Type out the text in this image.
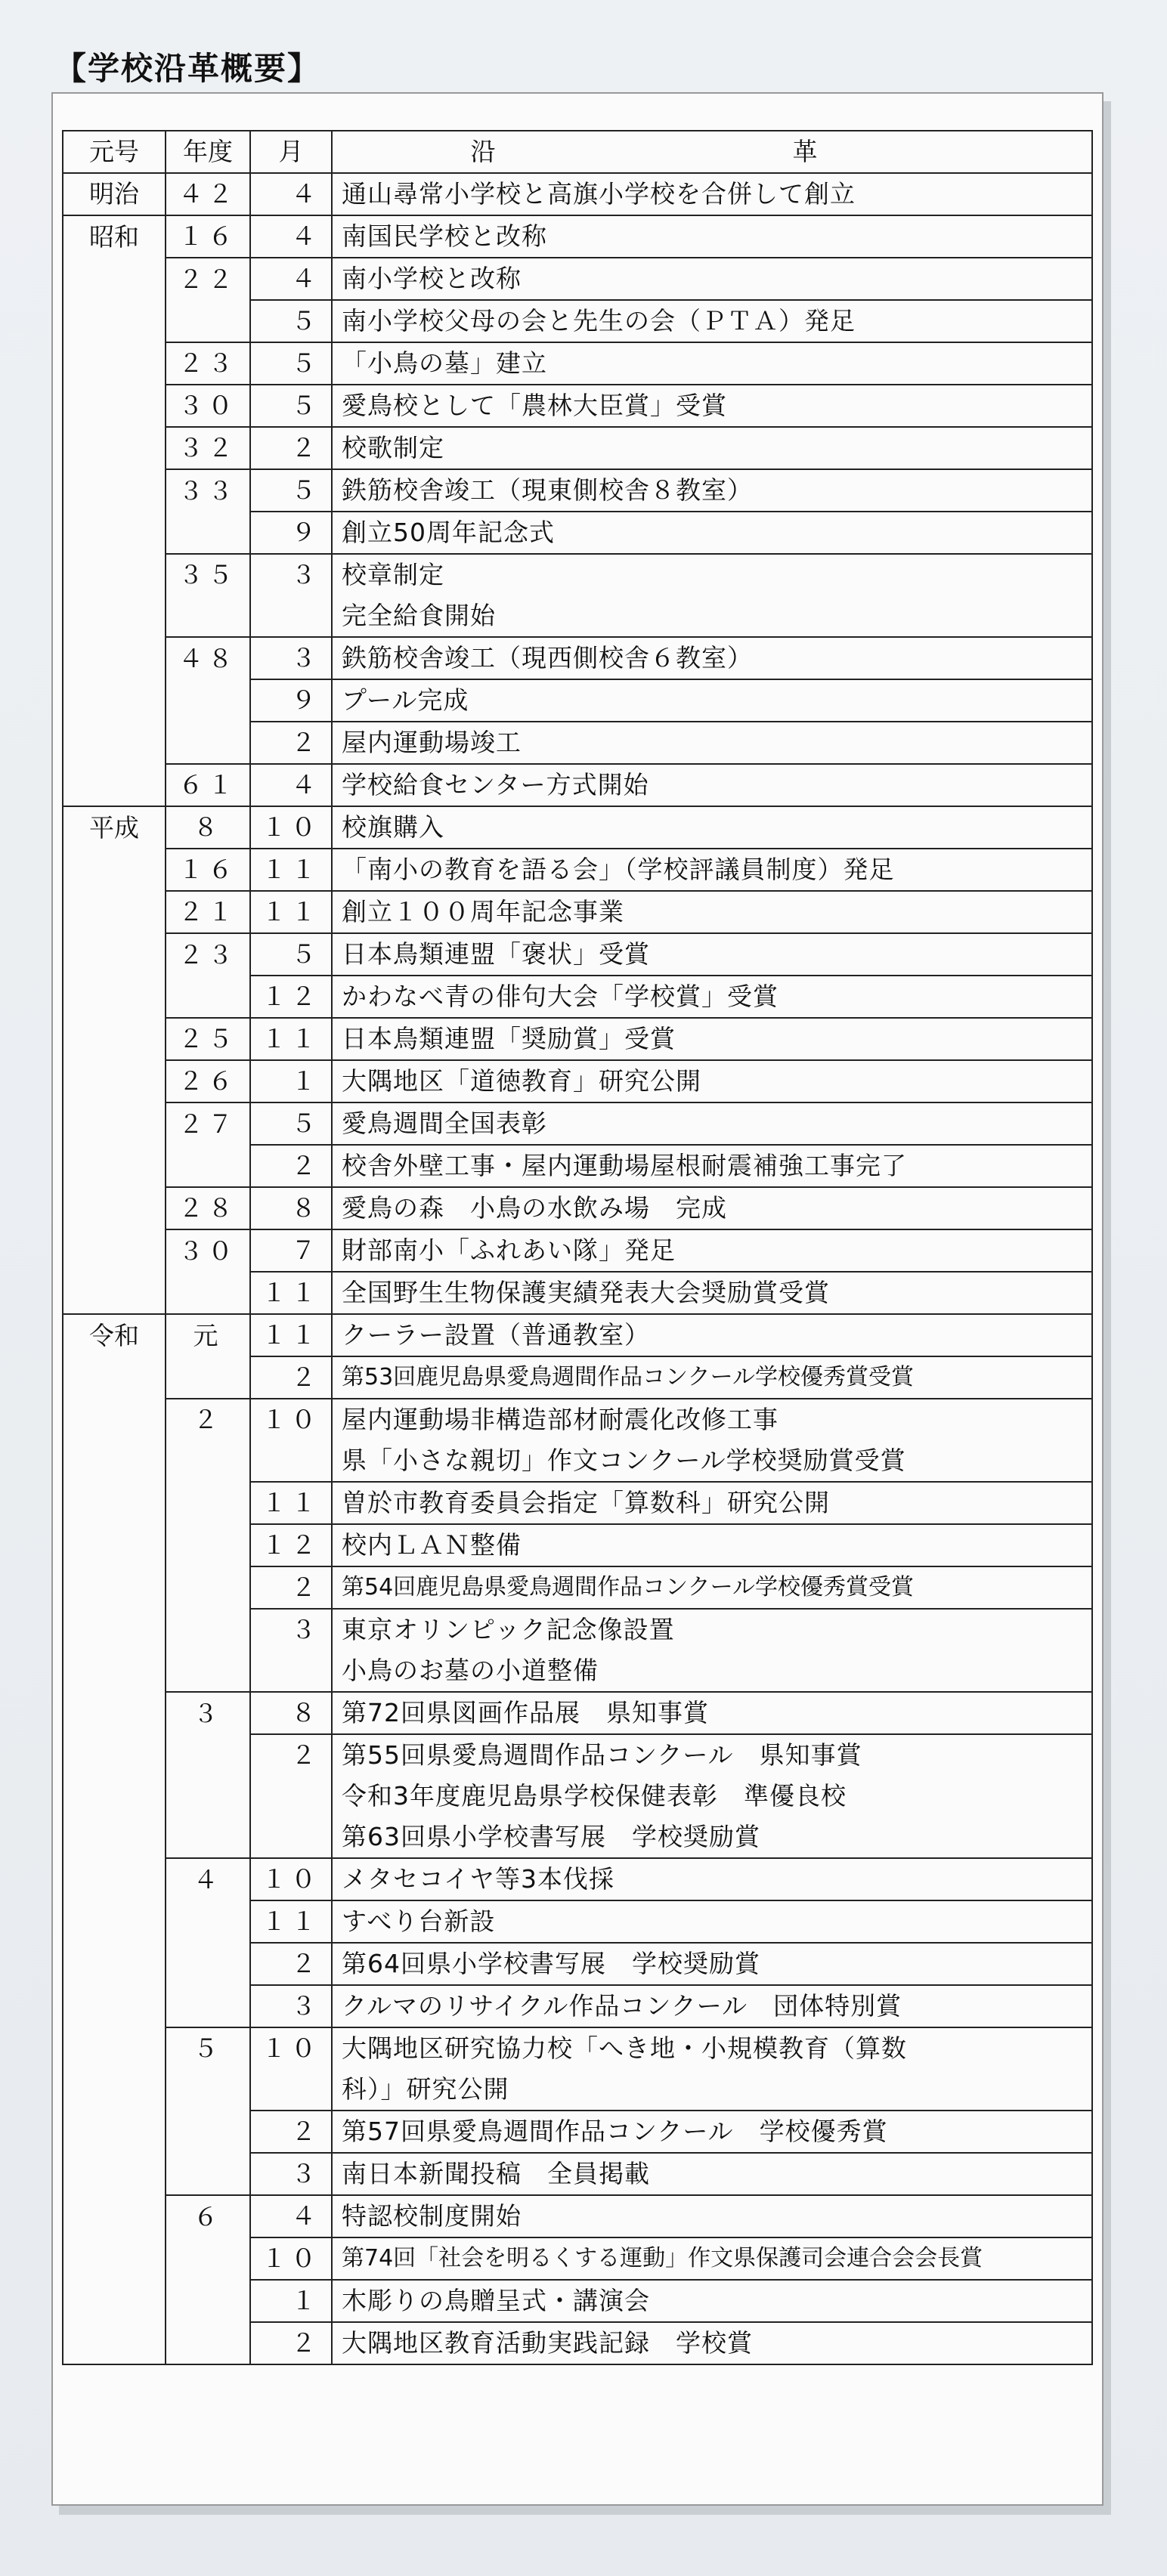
【学校沿革概要】
元号	年度	月	沿　革
明治	４２	４	通山尋常小学校と高旗小学校を合併して創立
昭和	１６	４	南国民学校と改称
	２２	４	南小学校と改称
		５	南小学校父母の会と先生の会（ＰＴＡ）発足
	２３	５	「小鳥の墓」建立
	３０	５	愛鳥校として「農林大臣賞」受賞
	３２	２	校歌制定
	３３	５	鉄筋校舎竣工（現東側校舎８教室）
		９	創立50周年記念式
	３５	３	校章制定
			完全給食開始
	４８	３	鉄筋校舎竣工（現西側校舎６教室）
		９	プール完成
		２	屋内運動場竣工
	６１	４	学校給食センター方式開始
平成	８	１０	校旗購入
	１６	１１	「南小の教育を語る会」（学校評議員制度）発足
	２１	１１	創立１００周年記念事業
	２３	５	日本鳥類連盟「褒状」受賞
		１２	かわなべ青の俳句大会「学校賞」受賞
	２５	１１	日本鳥類連盟「奨励賞」受賞
	２６	１	大隅地区「道徳教育」研究公開
	２７	５	愛鳥週間全国表彰
		２	校舎外壁工事・屋内運動場屋根耐震補強工事完了
	２８	８	愛鳥の森　小鳥の水飲み場　完成
	３０	７	財部南小「ふれあい隊」発足
		１１	全国野生生物保護実績発表大会奨励賞受賞
令和	元	１１	クーラー設置（普通教室）
		２	第53回鹿児島県愛鳥週間作品コンクール学校優秀賞受賞
	２	１０	屋内運動場非構造部材耐震化改修工事
			県「小さな親切」作文コンクール学校奨励賞受賞
		１１	曽於市教育委員会指定「算数科」研究公開
		１２	校内ＬＡＮ整備
		２	第54回鹿児島県愛鳥週間作品コンクール学校優秀賞受賞
		３	東京オリンピック記念像設置
			小鳥のお墓の小道整備
	３	８	第72回県図画作品展　県知事賞
		２	第55回県愛鳥週間作品コンクール　県知事賞
			令和3年度鹿児島県学校保健表彰　準優良校
			第63回県小学校書写展　学校奨励賞
	４	１０	メタセコイヤ等3本伐採
		１１	すべり台新設
		２	第64回県小学校書写展　学校奨励賞
		３	クルマのリサイクル作品コンクール　団体特別賞
	５	１０	大隅地区研究協力校「へき地・小規模教育（算数
			科）」研究公開
		２	第57回県愛鳥週間作品コンクール　学校優秀賞
		３	南日本新聞投稿　全員掲載
	６	４	特認校制度開始
		１０	第74回「社会を明るくする運動」作文県保護司会連合会会長賞
		１	木彫りの鳥贈呈式・講演会
		２	大隅地区教育活動実践記録　学校賞
